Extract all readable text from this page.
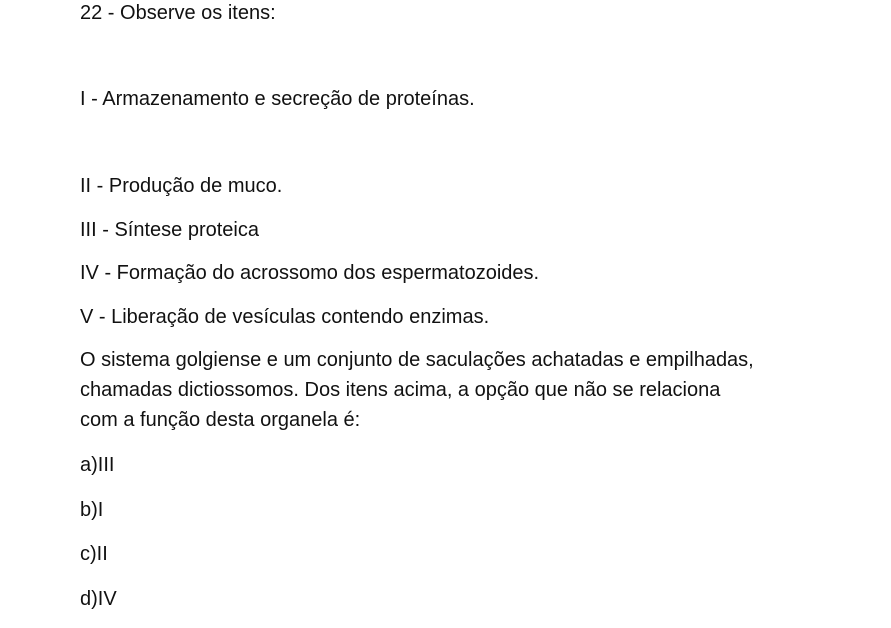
22 - Observe os itens:
I - Armazenamento e secreção de proteínas.
II - Produção de muco.
III - Síntese proteica
IV - Formação do acrossomo dos espermatozoides.
V - Liberação de vesículas contendo enzimas.
O sistema golgiense e um conjunto de saculações achatadas e empilhadas,
chamadas dictiossomos. Dos itens acima, a opção que não se relaciona
com a função desta organela é:
a)III
b)I
c)II
d)IV
